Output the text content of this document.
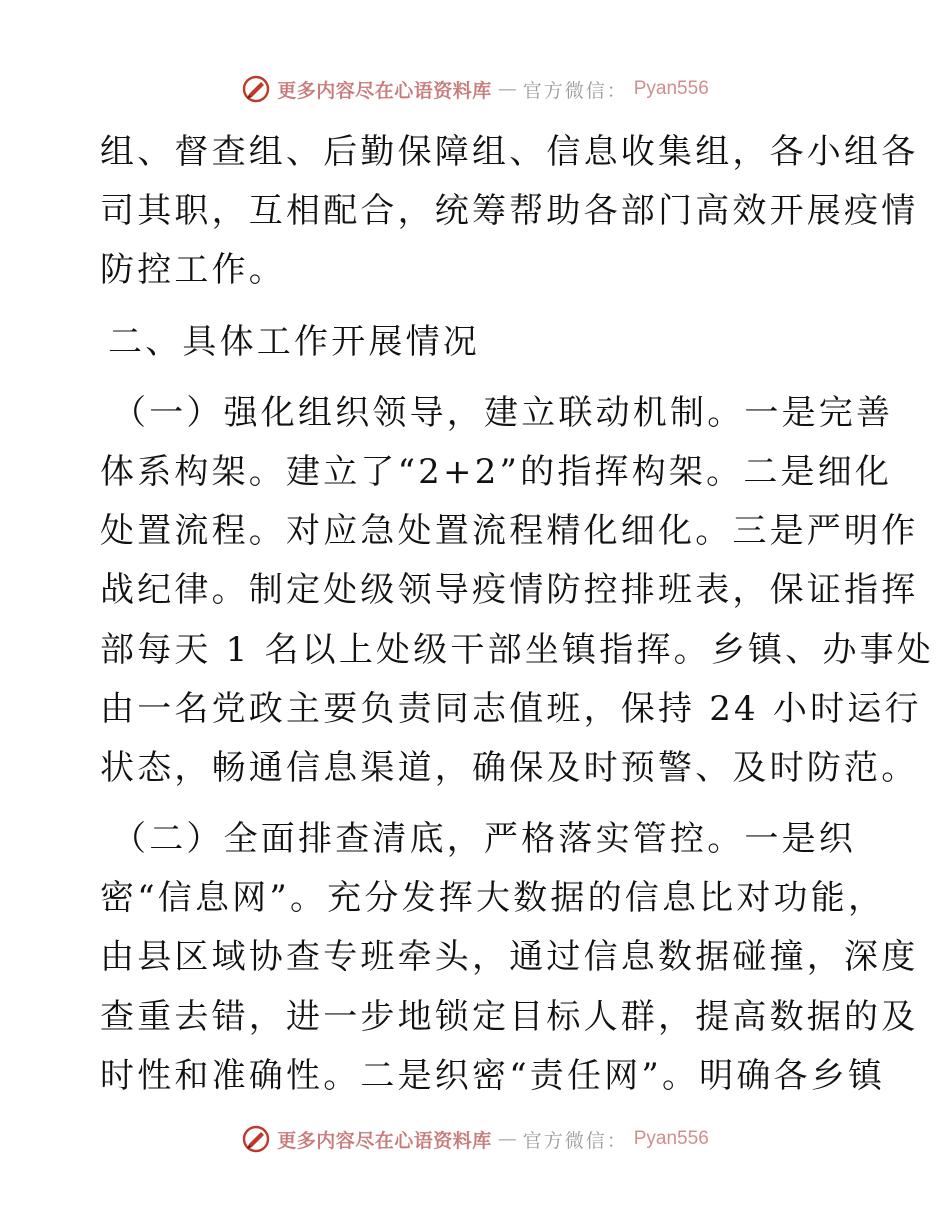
更多内容尽在心语资料库 — 官方微信： Pyan556
组、督查组、后勤保障组、信息收集组，各小组各
司其职，互相配合，统筹帮助各部门高效开展疫情
防控工作。
二、具体工作开展情况
（一）强化组织领导，建立联动机制。一是完善
体系构架。建立了“2+2”的指挥构架。二是细化
处置流程。对应急处置流程精化细化。三是严明作
战纪律。制定处级领导疫情防控排班表，保证指挥
部每天 1 名以上处级干部坐镇指挥。乡镇、办事处
由一名党政主要负责同志值班，保持 24 小时运行
状态，畅通信息渠道，确保及时预警、及时防范。
（二）全面排查清底，严格落实管控。一是织
密“信息网”。充分发挥大数据的信息比对功能，
由县区域协查专班牵头，通过信息数据碰撞，深度
查重去错，进一步地锁定目标人群，提高数据的及
时性和准确性。二是织密“责任网”。明确各乡镇
更多内容尽在心语资料库 — 官方微信： Pyan556
